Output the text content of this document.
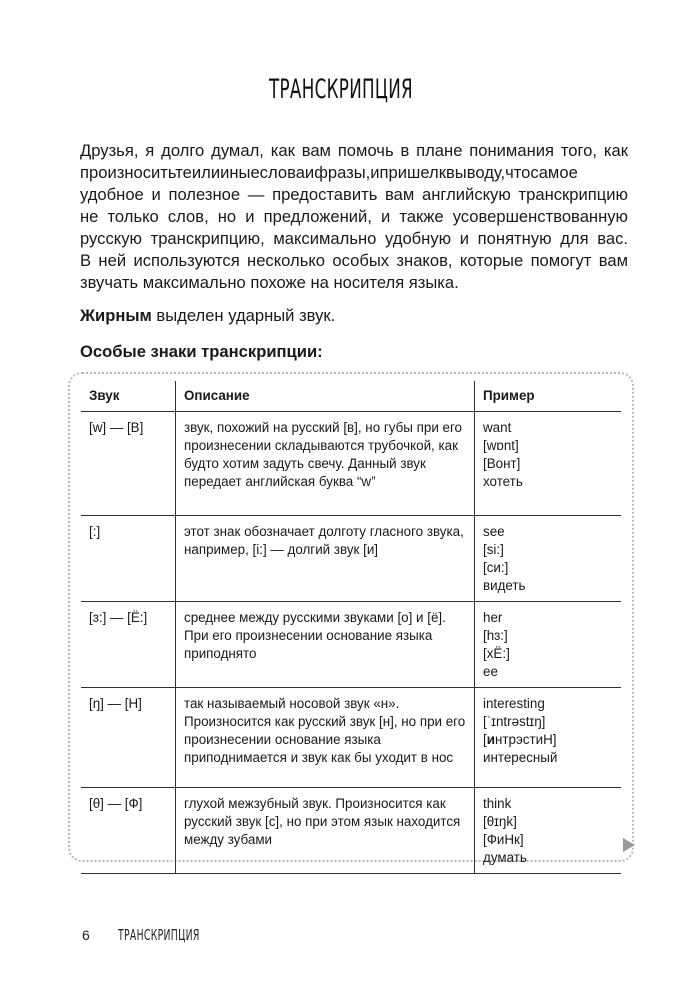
ТРАНСКРИПЦИЯ
Друзья, я долго думал, как вам помочь в плане понимания того, как
произноситьтеилииныесловаифразы,ипришелквыводу,чтосамое
удобное и полезное — предоставить вам английскую транскрипцию
не только слов, но и предложений, и также усовершенствованную
русскую транскрипцию, максимально удобную и понятную для вас.
В ней используются несколько особых знаков, которые помогут вам
звучать максимально похоже на носителя языка.
Жирным выделен ударный звук.
Особые знаки транскрипции:
Звук	Описание	Пример
[w] — [В]	звук, похожий на русский [в], но губы при его произнесении складываются трубочкой, как будто хотим задуть свечу. Данный звук передает английская буква “w”	want
[wɒnt]
[Вонт]
хотеть

[:]	этот знак обозначает долготу гласного звука, например, [i:] — долгий звук [и]	see
[si:]
[си:]
видеть

[ɜ:] — [Ё:]	среднее между русскими звуками [о] и [ё]. При его произнесении основание языка приподнято	her
[hɜ:]
[хЁ:]
ее

[ŋ] — [Н]	так называемый носовой звук «н». Произносится как русский звук [н], но при его произнесении основание языка приподнимается и звук как бы уходит в нос	interesting
[ˈɪntrəstɪŋ]
[интрэстиН]
интересный

[θ] — [Ф]	глухой межзубный звук. Произносится как русский звук [с], но при этом язык находится между зубами	think
[θɪŋk]
[ФиНк]
думать
6 ТРАНСКРИПЦИЯ
